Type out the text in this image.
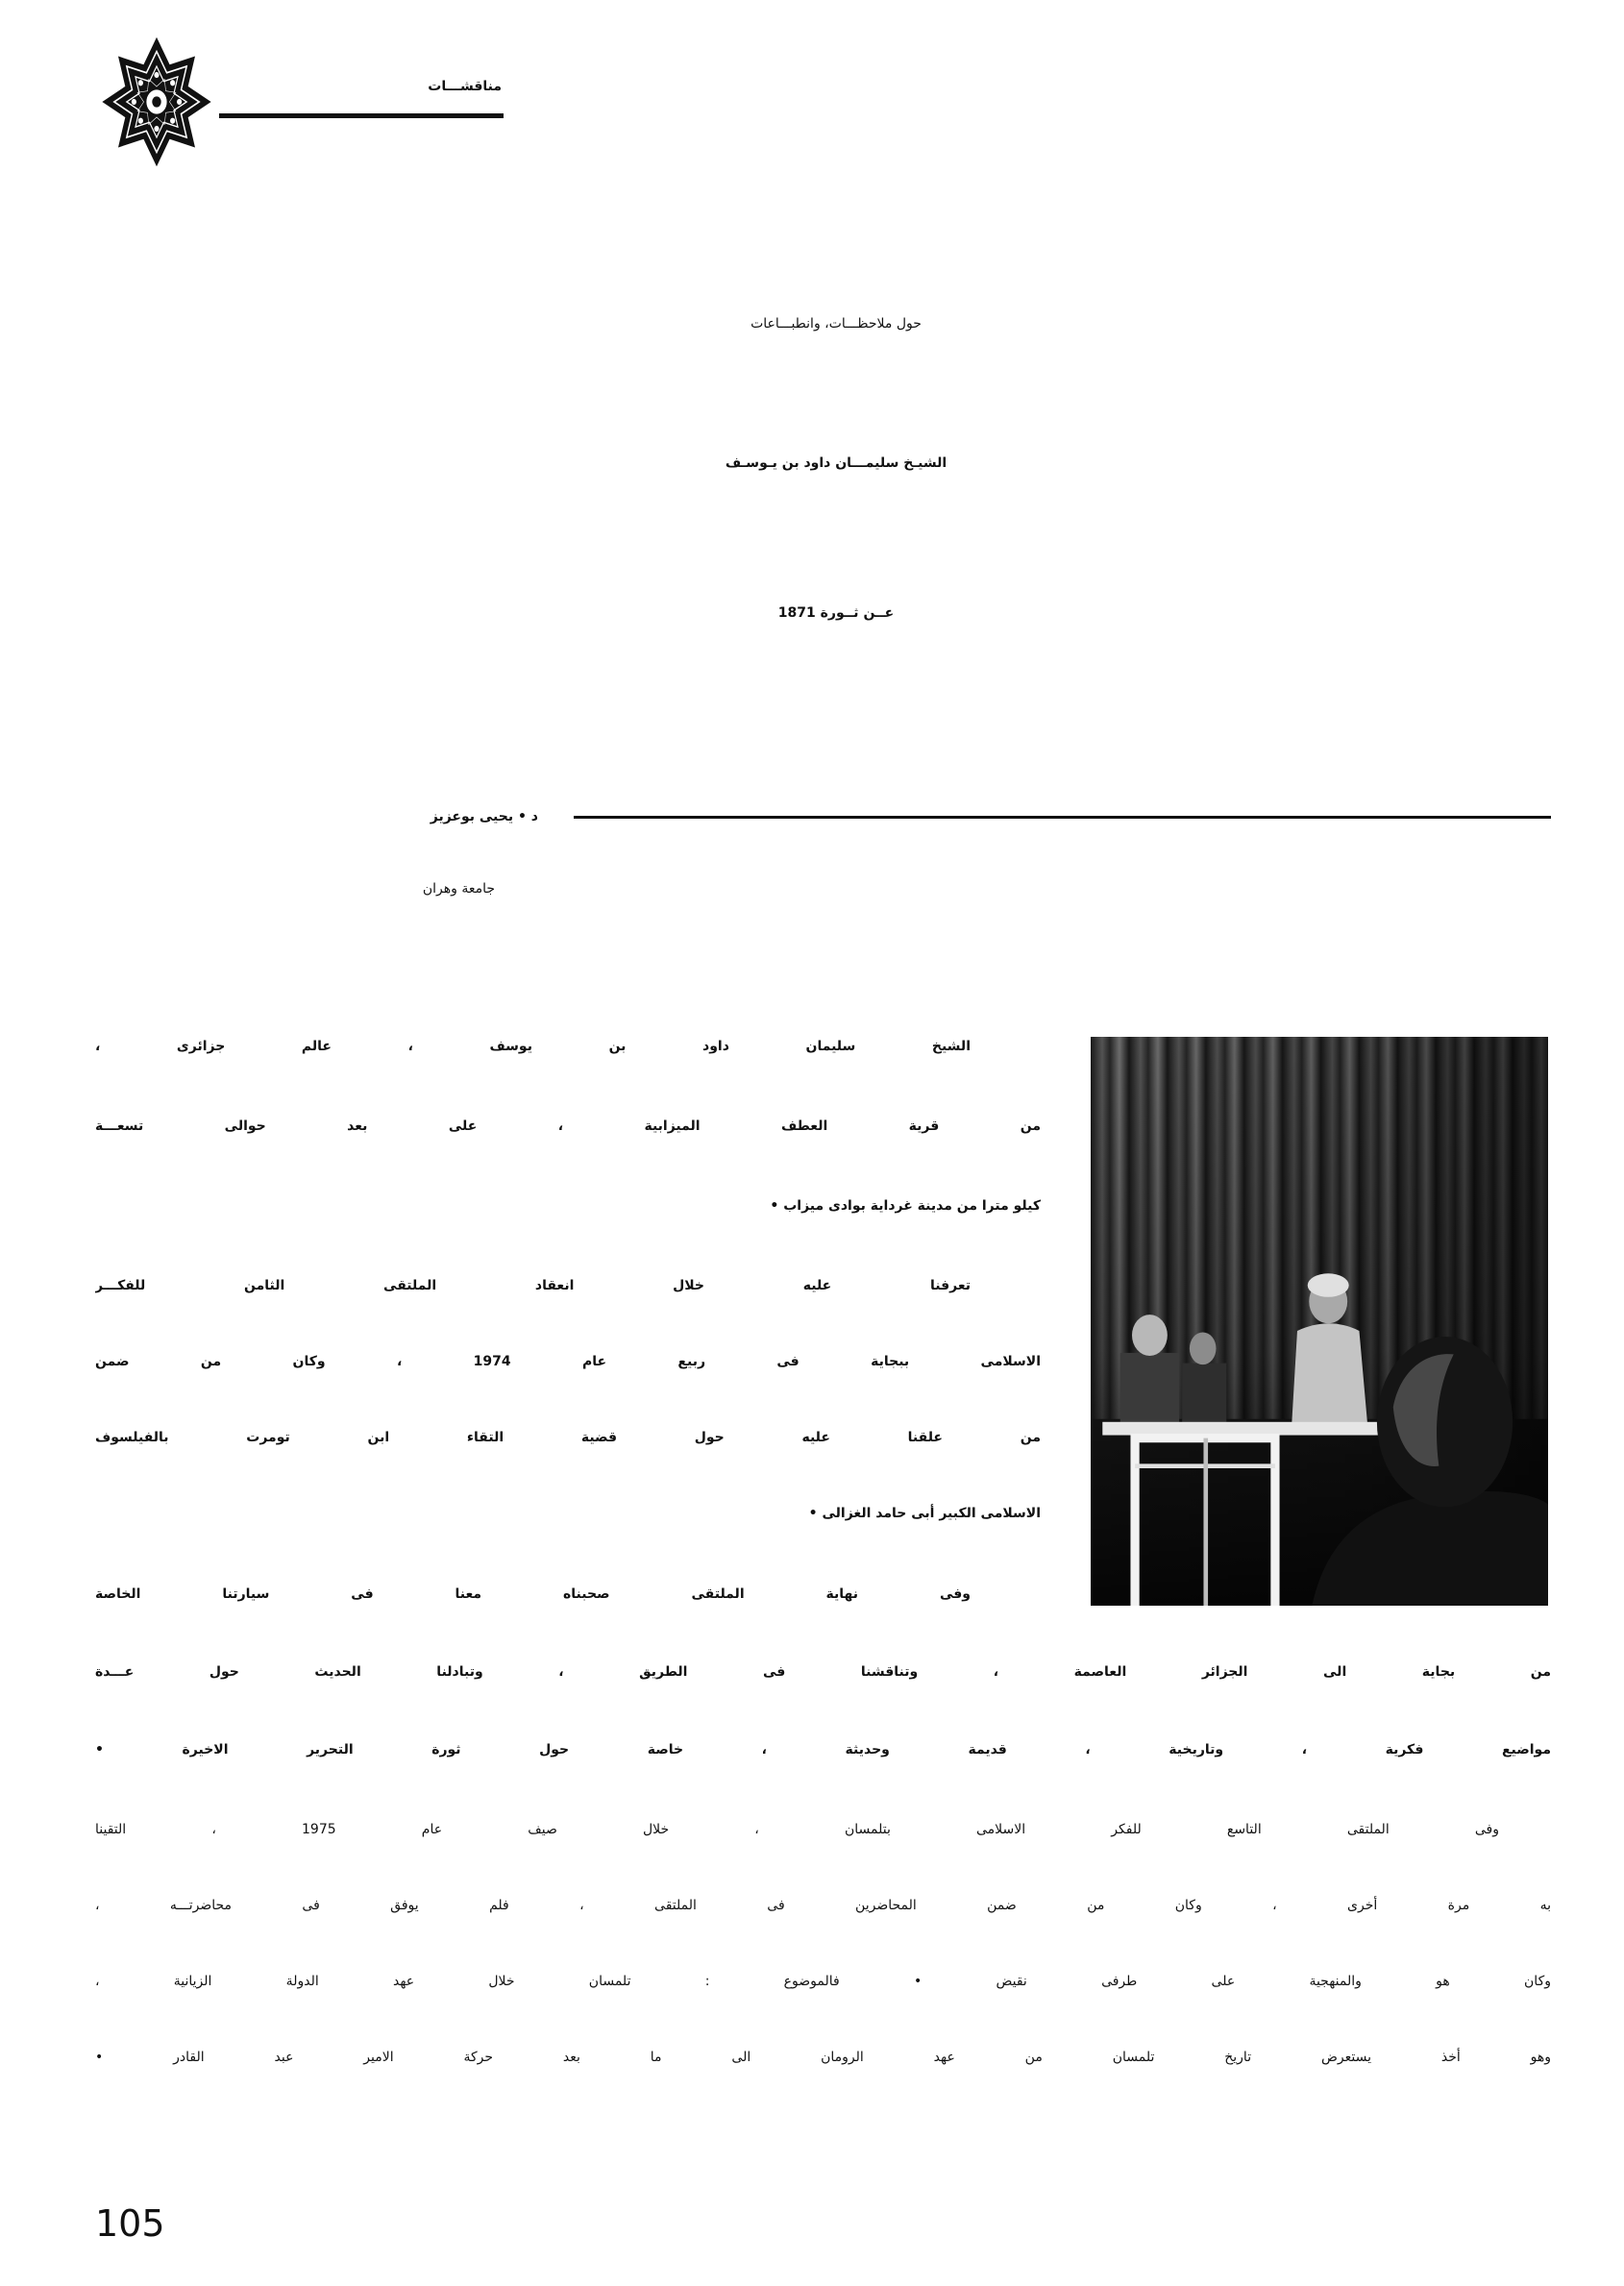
مناقشـــات
حول ملاحظـــات، وانطبـــاعات
الشيـخ سليمـــان داود بن يـوسـف
عــن ثــورة 1871
د • يحيى بوعزيز
جامعة وهران
الشيخ سليمان داود بن يوسف ، عالم جزائرى ،
من قرية العطف الميزابية ، على بعد حوالى تسعـــة
كيلو مترا من مدينة غرداية بوادى ميزاب •
تعرفنا عليه خلال انعقاد الملتقى الثامن للفكـــر
الاسلامى ببجاية فى ربيع عام 1974 ، وكان من ضمن
من علقنا عليه حول قضية التقاء ابن تومرت بالفيلسوف
الاسلامى الكبير أبى حامد الغزالى •
وفى نهاية الملتقى صحبناه معنا فى سيارتنا الخاصة
من بجاية الى الجزائر العاصمة ، وتناقشنا فى الطريق ، وتبادلنا الحديث حول عـــدة
مواضيع فكرية ، وتاريخية ، قديمة وحديثة ، خاصة حول ثورة التحرير الاخيرة •
وفى الملتقى التاسع للفكر الاسلامى بتلمسان ، خلال صيف عام 1975 ، التقينا
به مرة أخرى ، وكان من ضمن المحاضرين فى الملتقى ، فلم يوفق فى محاضرتـــه ،
وكان هو والمنهجية على طرفى نقيض • فالموضوع : تلمسان خلال عهد الدولة الزيانية ،
وهو أخذ يستعرض تاريخ تلمسان من عهد الرومان الى ما بعد حركة الامير عبد القادر •
105
